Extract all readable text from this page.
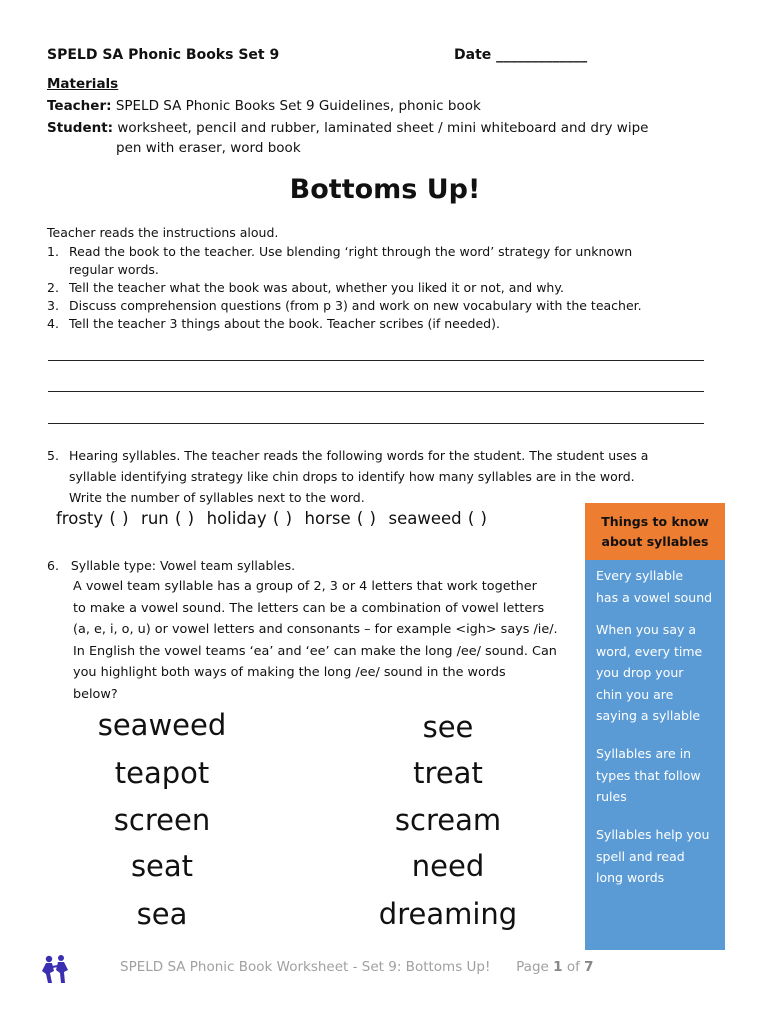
SPELD SA Phonic Books Set 9	Date _____________
Materials
Teacher: SPELD SA Phonic Books Set 9 Guidelines, phonic book
Student: worksheet, pencil and rubber, laminated sheet / mini whiteboard and dry wipe
pen with eraser, word book
Bottoms Up!
Teacher reads the instructions aloud.
1. Read the book to the teacher. Use blending ‘right through the word’ strategy for unknown
regular words.
2. Tell the teacher what the book was about, whether you liked it or not, and why.
3. Discuss comprehension questions (from p 3) and work on new vocabulary with the teacher.
4. Tell the teacher 3 things about the book. Teacher scribes (if needed).
5. Hearing syllables. The teacher reads the following words for the student. The student uses a
syllable identifying strategy like chin drops to identify how many syllables are in the word.
Write the number of syllables next to the word.
frosty ( ) run ( ) holiday ( ) horse ( ) seaweed ( )
6. Syllable type: Vowel team syllables.
A vowel team syllable has a group of 2, 3 or 4 letters that work together
to make a vowel sound. The letters can be a combination of vowel letters
(a, e, i, o, u) or vowel letters and consonants – for example <igh> says /ie/.
In English the vowel teams ‘ea’ and ‘ee’ can make the long /ee/ sound. Can
you highlight both ways of making the long /ee/ sound in the words
below?
seaweed
teapot
screen
seat
sea
see
treat
scream
need
dreaming
Things to know
about syllables

Every syllable
has a vowel sound

When you say a
word, every time
you drop your
chin you are
saying a syllable

Syllables are in
types that follow
rules

Syllables help you
spell and read
long words

SPELD SA Phonic Book Worksheet - Set 9: Bottoms Up! Page 1 of 7
